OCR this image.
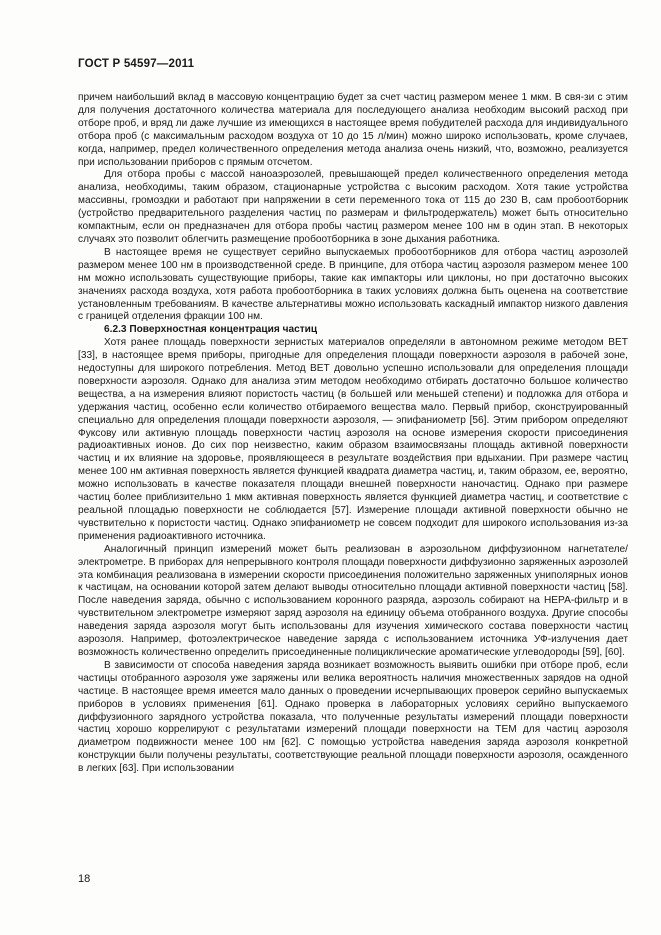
ГОСТ Р 54597—2011

причем наибольший вклад в массовую концентрацию будет за счет частиц размером менее 1 мкм. В свя-зи с этим для получения достаточного количества материала для последующего анализа необходим высокий расход при отборе проб, и вряд ли даже лучшие из имеющихся в настоящее время побудителей расхода для индивидуального отбора проб (с максимальным расходом воздуха от 10 до 15 л/мин) можно широко использовать, кроме случаев, когда, например, предел количественного определения метода анализа очень низкий, что, возможно, реализуется при использовании приборов с прямым отсчетом.

Для отбора пробы с массой наноаэрозолей, превышающей предел количественного определения метода анализа, необходимы, таким образом, стационарные устройства с высоким расходом. Хотя такие устройства массивны, громоздки и работают при напряжении в сети переменного тока от 115 до 230 В, сам пробоотборник (устройство предварительного разделения частиц по размерам и фильтродержатель) может быть относительно компактным, если он предназначен для отбора пробы частиц размером менее 100 нм в один этап. В некоторых случаях это позволит облегчить размещение пробоотборника в зоне дыхания работника.

В настоящее время не существует серийно выпускаемых пробоотборников для отбора частиц аэрозолей размером менее 100 нм в производственной среде. В принципе, для отбора частиц аэрозоля размером менее 100 нм можно использовать существующие приборы, такие как импакторы или циклоны, но при достаточно высоких значениях расхода воздуха, хотя работа пробоотборника в таких условиях должна быть оценена на соответствие установленным требованиям. В качестве альтернативы можно использовать каскадный импактор низкого давления с границей отделения фракции 100 нм.

6.2.3 Поверхностная концентрация частиц

Хотя ранее площадь поверхности зернистых материалов определяли в автономном режиме методом ВЕТ [33], в настоящее время приборы, пригодные для определения площади поверхности аэрозоля в рабочей зоне, недоступны для широкого потребления. Метод ВЕТ довольно успешно использовали для определения площади поверхности аэрозоля. Однако для анализа этим методом необходимо отбирать достаточно большое количество вещества, а на измерения влияют пористость частиц (в большей или меньшей степени) и подложка для отбора и удержания частиц, особенно если количество отбираемого вещества мало. Первый прибор, сконструированный специально для определения площади поверхности аэрозоля, — эпифаниометр [56]. Этим прибором определяют Фуксову или активную площадь поверхности частиц аэрозоля на основе измерения скорости присоединения радиоактивных ионов. До сих пор неизвестно, каким образом взаимосвязаны площадь активной поверхности частиц и их влияние на здоровье, проявляющееся в результате воздействия при вдыхании. При размере частиц менее 100 нм активная поверхность является функцией квадрата диаметра частиц, и, таким образом, ее, вероятно, можно использовать в качестве показателя площади внешней поверхности наночастиц. Однако при размере частиц более приблизительно 1 мкм активная поверхность является функцией диаметра частиц, и соответствие с реальной площадью поверхности не соблюдается [57]. Измерение площади активной поверхности обычно не чувствительно к пористости частиц. Однако эпифаниометр не совсем подходит для широкого использования из-за применения радиоактивного источника.

Аналогичный принцип измерений может быть реализован в аэрозольном диффузионном нагнетателе/электрометре. В приборах для непрерывного контроля площади поверхности диффузионно заряженных аэрозолей эта комбинация реализована в измерении скорости присоединения положительно заряженных униполярных ионов к частицам, на основании которой затем делают выводы относительно площади активной поверхности частиц [58]. После наведения заряда, обычно с использованием коронного разряда, аэрозоль собирают на НЕРА-фильтр и в чувствительном электрометре измеряют заряд аэрозоля на единицу объема отобранного воздуха. Другие способы наведения заряда аэрозоля могут быть использованы для изучения химического состава поверхности частиц аэрозоля. Например, фотоэлектрическое наведение заряда с использованием источника УФ-излучения дает возможность количественно определить присоединенные полициклические ароматические углеводороды [59], [60].

В зависимости от способа наведения заряда возникает возможность выявить ошибки при отборе проб, если частицы отобранного аэрозоля уже заряжены или велика вероятность наличия множественных зарядов на одной частице. В настоящее время имеется мало данных о проведении исчерпывающих проверок серийно выпускаемых приборов в условиях применения [61]. Однако проверка в лабораторных условиях серийно выпускаемого диффузионного зарядного устройства показала, что полученные результаты измерений площади поверхности частиц хорошо коррелируют с результатами измерений площади поверхности на ТЕМ для частиц аэрозоля диаметром подвижности менее 100 нм [62]. С помощью устройства наведения заряда аэрозоля конкретной конструкции были получены результаты, соответствующие реальной площади поверхности аэрозоля, осажденного в легких [63]. При использовании

18
